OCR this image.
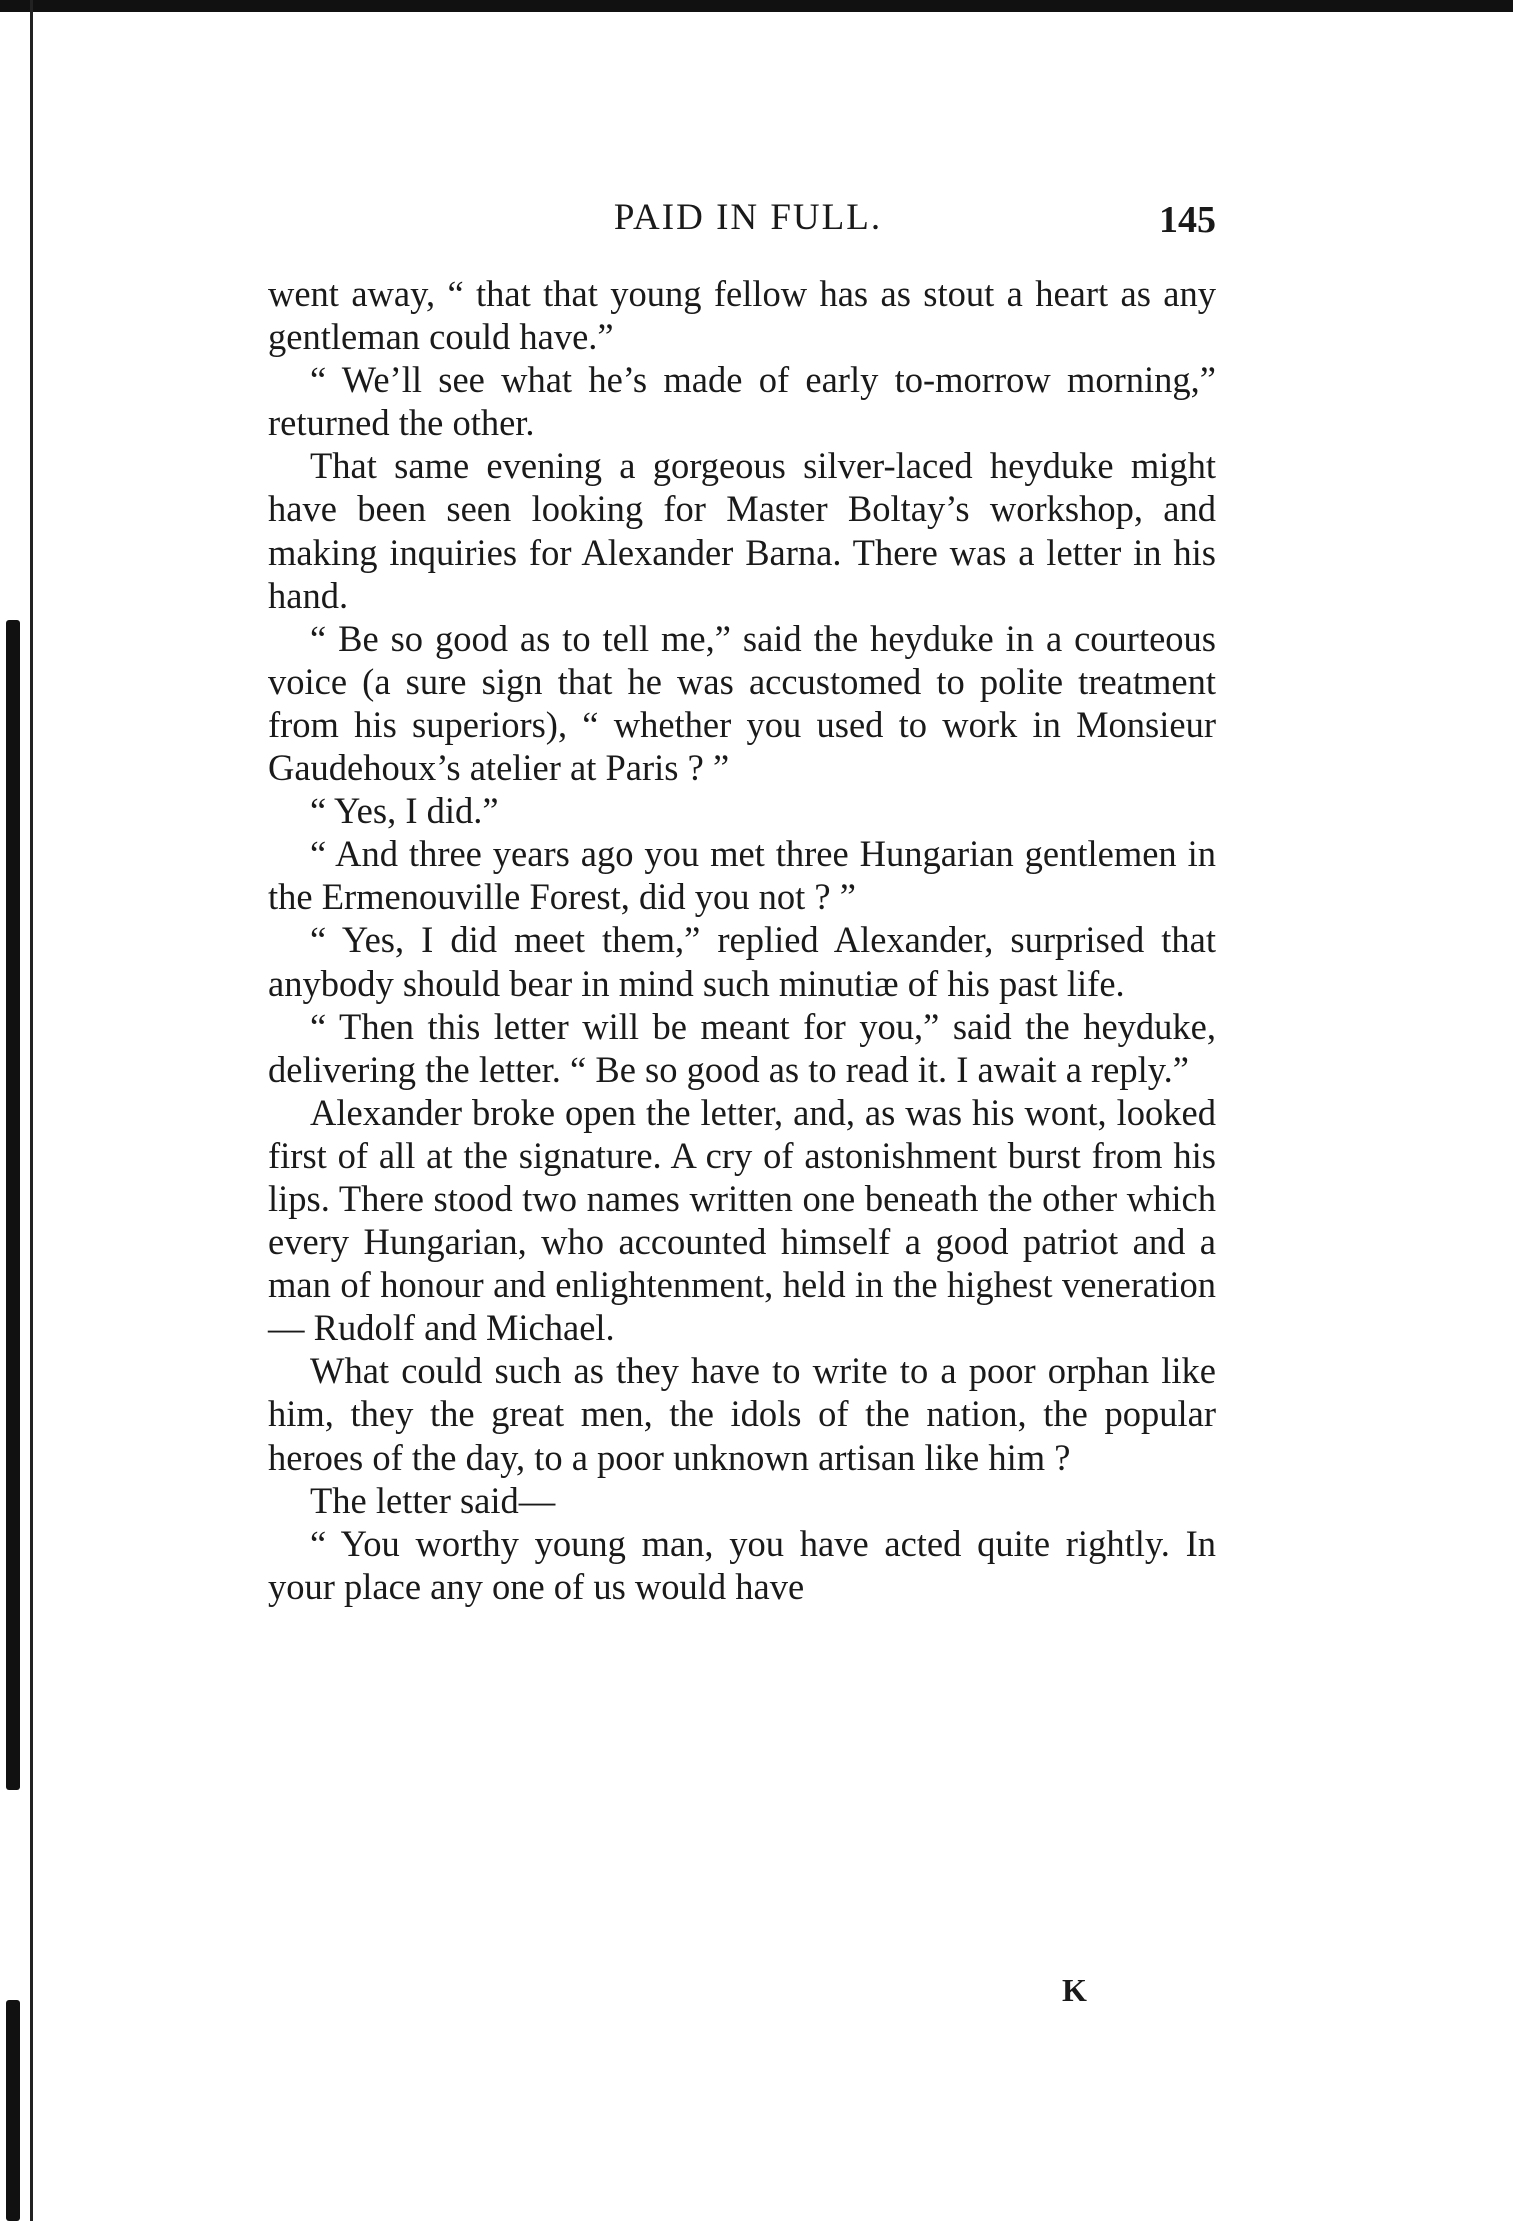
PAID IN FULL.	145

went away, “ that that young fellow has as stout a heart as any gentleman could have.”

“ We’ll see what he’s made of early to-morrow morning,” returned the other.

That same evening a gorgeous silver-laced heyduke might have been seen looking for Master Boltay’s workshop, and making inquiries for Alexander Barna. There was a letter in his hand.

“ Be so good as to tell me,” said the heyduke in a courteous voice (a sure sign that he was accustomed to polite treatment from his superiors), “ whether you used to work in Monsieur Gaudehoux’s atelier at Paris ? ”

“ Yes, I did.”

“ And three years ago you met three Hungarian gentlemen in the Ermenouville Forest, did you not ? ”

“ Yes, I did meet them,” replied Alexander, surprised that anybody should bear in mind such minutiæ of his past life.

“ Then this letter will be meant for you,” said the heyduke, delivering the letter. “ Be so good as to read it. I await a reply.”

Alexander broke open the letter, and, as was his wont, looked first of all at the signature. A cry of astonishment burst from his lips. There stood two names written one beneath the other which every Hungarian, who accounted himself a good patriot and a man of honour and enlightenment, held in the highest veneration — Rudolf and Michael.

What could such as they have to write to a poor orphan like him, they the great men, the idols of the nation, the popular heroes of the day, to a poor unknown artisan like him ?

The letter said—

“ You worthy young man, you have acted quite rightly. In your place any one of us would have

K
